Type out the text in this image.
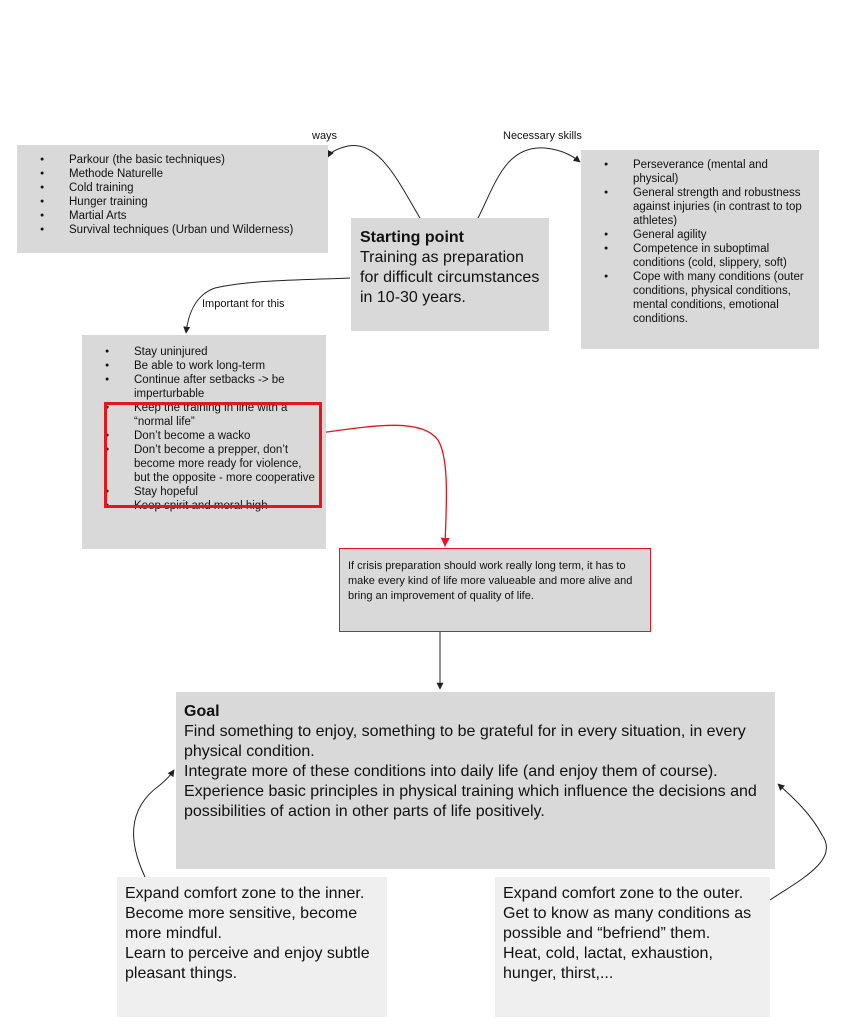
● Parkour (the basic techniques)
● Methode Naturelle
● Cold training
● Hunger training
● Martial Arts
● Survival techniques (Urban und Wilderness)
● Perseverance (mental and physical)
● General strength and robustness against injuries (in contrast to top athletes)
● General agility
● Competence in suboptimal conditions (cold, slippery, soft)
● Cope with many conditions (outer conditions, physical conditions, mental conditions, emotional conditions.
Starting point
Training as preparation for difficult circumstances in 10-30 years.
● Stay uninjured
● Be able to work long-term
● Continue after setbacks -> be imperturbable
● Keep the training in line with a “normal life”
● Don’t become a wacko
● Don’t become a prepper, don’t become more ready for violence, but the opposite - more cooperative
● Stay hopeful
● Keep spirit and moral high
If crisis preparation should work really long term, it has to make every kind of life more valueable and more alive and bring an improvement of quality of life.
Goal
Find something to enjoy, something to be grateful for in every situation, in every physical condition.
Integrate more of these conditions into daily life (and enjoy them of course).
Experience basic principles in physical training which influence the decisions and possibilities of action in other parts of life positively.
Expand comfort zone to the inner.
Become more sensitive, become more mindful.
Learn to perceive and enjoy subtle pleasant things.
Expand comfort zone to the outer.
Get to know as many conditions as possible and “befriend” them.
Heat, cold, lactat, exhaustion, hunger, thirst,...
ways	Necessary skills
Important for this
